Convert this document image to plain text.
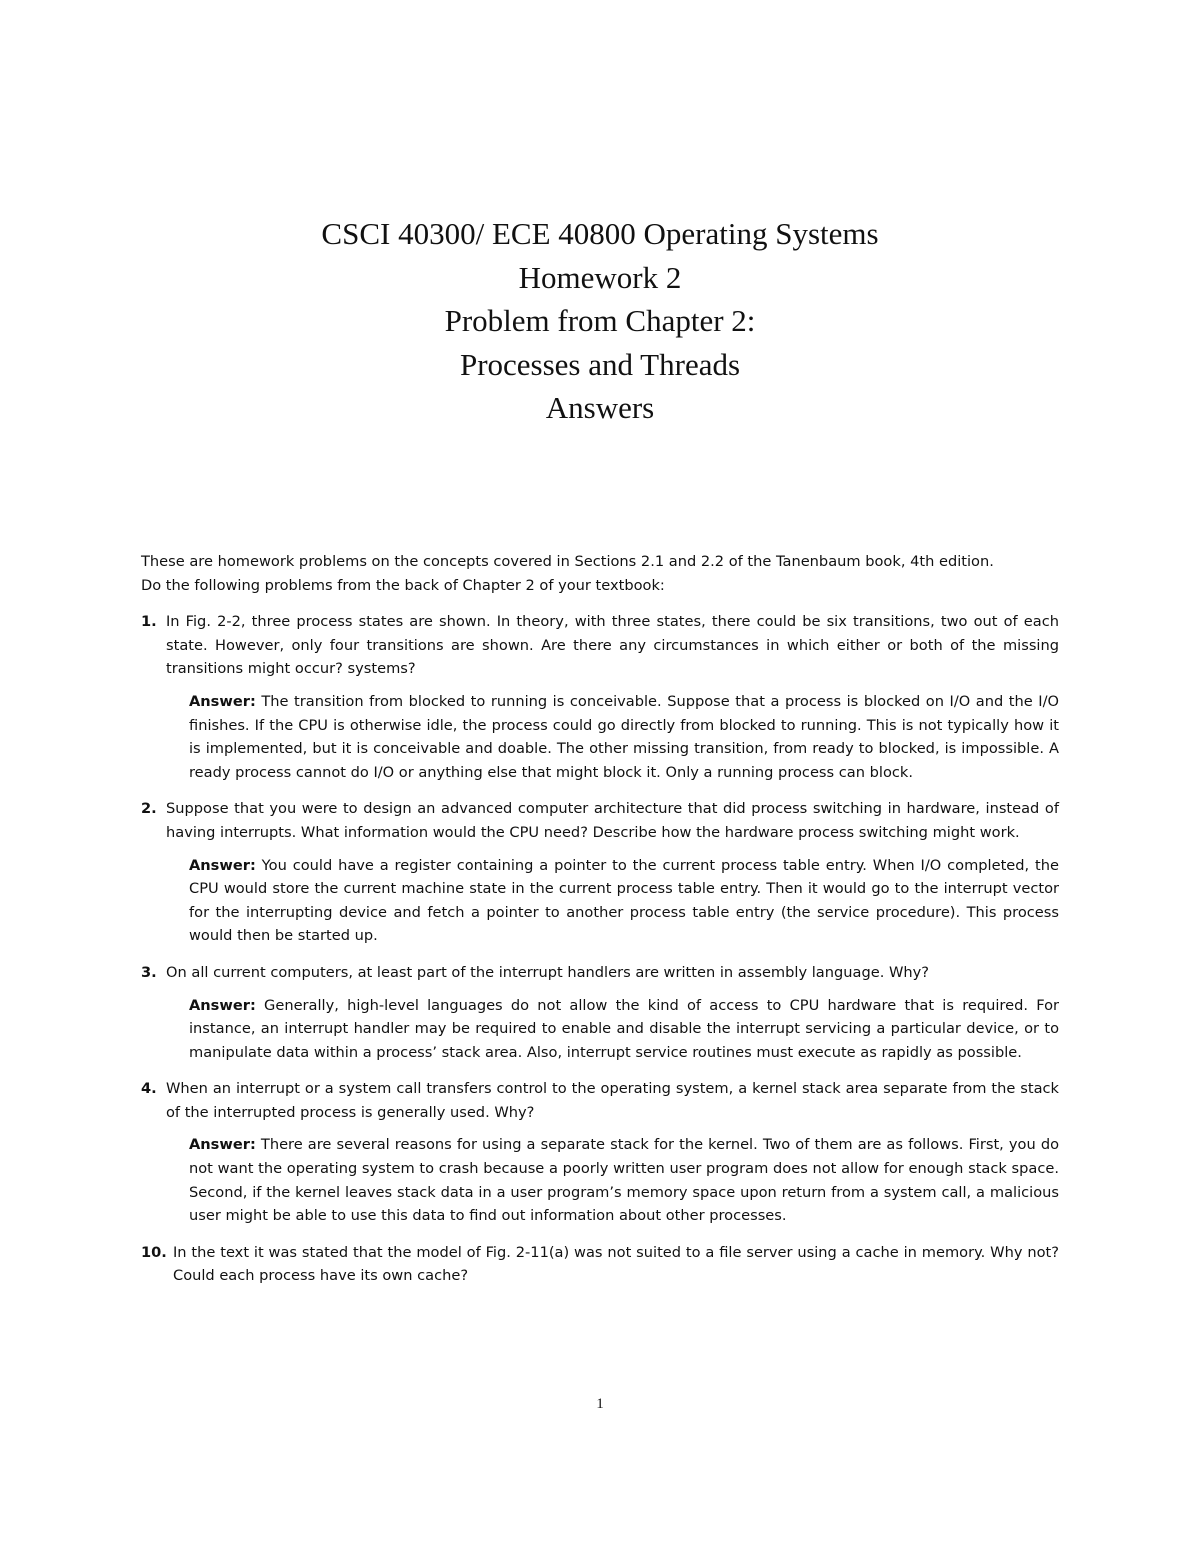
CSCI 40300/ ECE 40800 Operating Systems
Homework 2
Problem from Chapter 2:
Processes and Threads
Answers

These are homework problems on the concepts covered in Sections 2.1 and 2.2 of the Tanenbaum book, 4th edition.

Do the following problems from the back of Chapter 2 of your textbook:

1. In Fig. 2-2, three process states are shown. In theory, with three states, there could be six transitions, two out of each state. However, only four transitions are shown. Are there any circumstances in which either or both of the missing transitions might occur? systems?
Answer: The transition from blocked to running is conceivable. Suppose that a process is blocked on I/O and the I/O finishes. If the CPU is otherwise idle, the process could go directly from blocked to running. This is not typically how it is implemented, but it is conceivable and doable. The other missing transition, from ready to blocked, is impossible. A ready process cannot do I/O or anything else that might block it. Only a running process can block.
2. Suppose that you were to design an advanced computer architecture that did process switching in hardware, instead of having interrupts. What information would the CPU need? Describe how the hardware process switching might work.
Answer: You could have a register containing a pointer to the current process table entry. When I/O completed, the CPU would store the current machine state in the current process table entry. Then it would go to the interrupt vector for the interrupting device and fetch a pointer to another process table entry (the service procedure). This process would then be started up.
3. On all current computers, at least part of the interrupt handlers are written in assembly language. Why?
Answer: Generally, high-level languages do not allow the kind of access to CPU hardware that is required. For instance, an interrupt handler may be required to enable and disable the interrupt servicing a particular device, or to manipulate data within a process’ stack area. Also, interrupt service routines must execute as rapidly as possible.
4. When an interrupt or a system call transfers control to the operating system, a kernel stack area separate from the stack of the interrupted process is generally used. Why?
Answer: There are several reasons for using a separate stack for the kernel. Two of them are as follows. First, you do not want the operating system to crash because a poorly written user program does not allow for enough stack space. Second, if the kernel leaves stack data in a user program’s memory space upon return from a system call, a malicious user might be able to use this data to find out information about other processes.
10. In the text it was stated that the model of Fig. 2-11(a) was not suited to a file server using a cache in memory. Why not? Could each process have its own cache?
1
